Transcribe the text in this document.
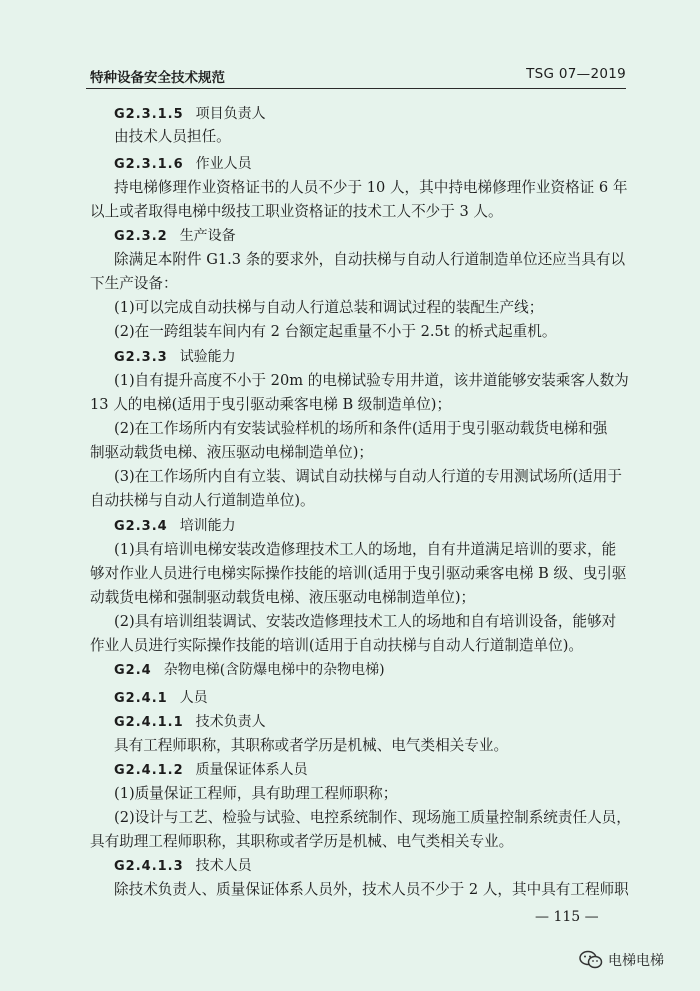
特种设备安全技术规范	TSG 07—2019
G2.3.1.5 项目负责人
由技术人员担任。
G2.3.1.6 作业人员
持电梯修理作业资格证书的人员不少于 10 人，其中持电梯修理作业资格证 6 年
以上或者取得电梯中级技工职业资格证的技术工人不少于 3 人。
G2.3.2 生产设备
除满足本附件 G1.3 条的要求外，自动扶梯与自动人行道制造单位还应当具有以
下生产设备：
(1)可以完成自动扶梯与自动人行道总装和调试过程的装配生产线；
(2)在一跨组装车间内有 2 台额定起重量不小于 2.5t 的桥式起重机。
G2.3.3 试验能力
(1)自有提升高度不小于 20m 的电梯试验专用井道，该井道能够安装乘客人数为
13 人的电梯(适用于曳引驱动乘客电梯 B 级制造单位)；
(2)在工作场所内有安装试验样机的场所和条件(适用于曳引驱动载货电梯和强
制驱动载货电梯、液压驱动电梯制造单位)；
(3)在工作场所内自有立装、调试自动扶梯与自动人行道的专用测试场所(适用于
自动扶梯与自动人行道制造单位)。
G2.3.4 培训能力
(1)具有培训电梯安装改造修理技术工人的场地，自有井道满足培训的要求，能
够对作业人员进行电梯实际操作技能的培训(适用于曳引驱动乘客电梯 B 级、曳引驱
动载货电梯和强制驱动载货电梯、液压驱动电梯制造单位)；
(2)具有培训组装调试、安装改造修理技术工人的场地和自有培训设备，能够对
作业人员进行实际操作技能的培训(适用于自动扶梯与自动人行道制造单位)。
G2.4 杂物电梯(含防爆电梯中的杂物电梯)
G2.4.1 人员
G2.4.1.1 技术负责人
具有工程师职称，其职称或者学历是机械、电气类相关专业。
G2.4.1.2 质量保证体系人员
(1)质量保证工程师，具有助理工程师职称；
(2)设计与工艺、检验与试验、电控系统制作、现场施工质量控制系统责任人员，
具有助理工程师职称，其职称或者学历是机械、电气类相关专业。
G2.4.1.3 技术人员
除技术负责人、质量保证体系人员外，技术人员不少于 2 人，其中具有工程师职
— 115 —
电梯电梯
